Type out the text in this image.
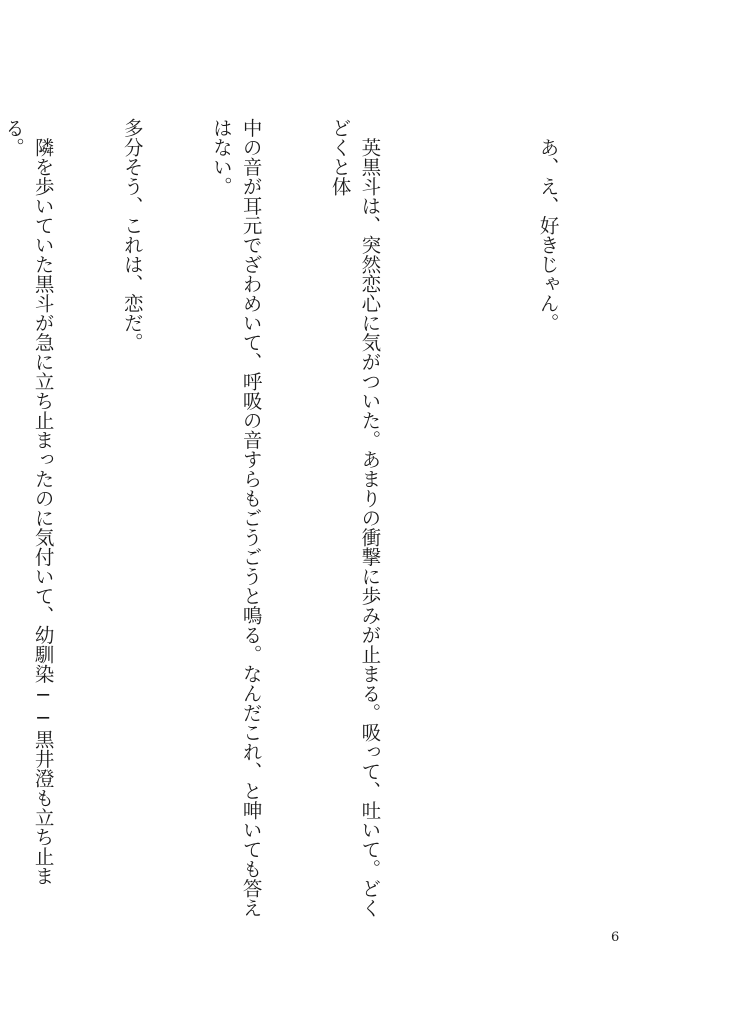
　あ、え、好きじゃん。

　英黒斗は、突然恋心に気がついた。あまりの衝撃に歩みが止まる。吸って、吐いて。どくどくと体

中の音が耳元でざわめいて、呼吸の音すらもごうごうと鳴る。なんだこれ、と呻いても答えはない。

多分そう、これは、恋だ。

　隣を歩いていた黒斗が急に立ち止まったのに気付いて、幼馴染──黒井澄も立ち止まる。

6
